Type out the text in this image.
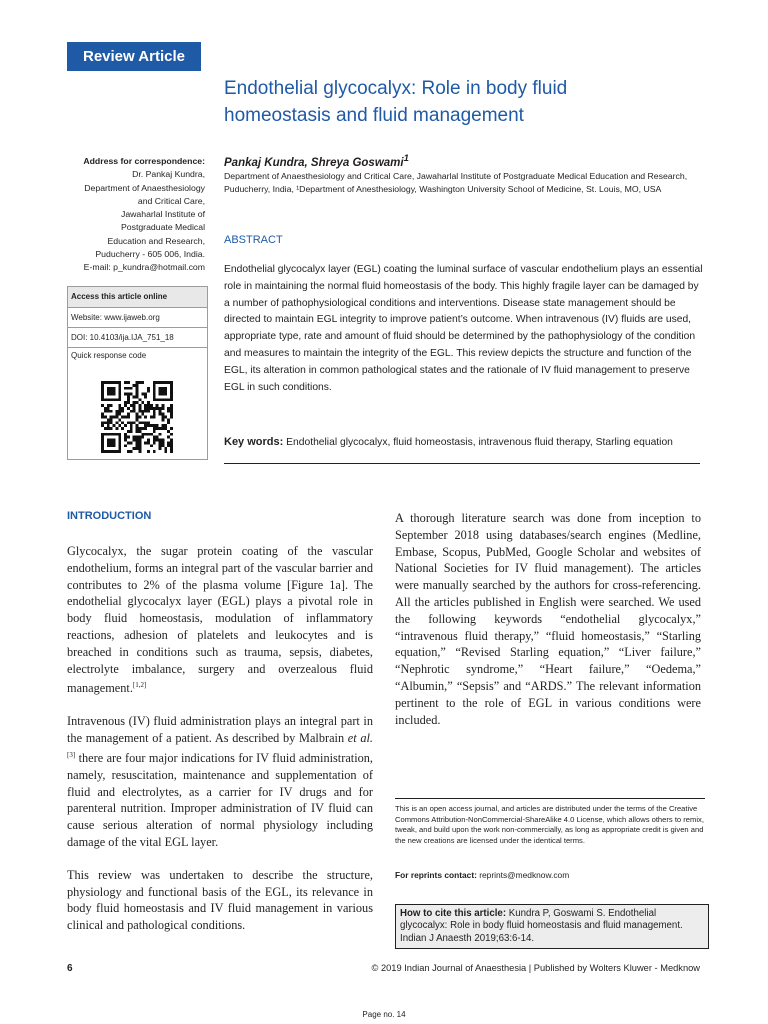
Review Article
Endothelial glycocalyx: Role in body fluid
homeostasis and fluid management
Address for correspondence:
Dr. Pankaj Kundra,
Department of Anaesthesiology
and Critical Care,
Jawaharlal Institute of
Postgraduate Medical
Education and Research,
Puducherry - 605 006, India.
E-mail: p_kundra@hotmail.com
Access this article online
Website: www.ijaweb.org
DOI: 10.4103/ija.IJA_751_18
Quick response code
Pankaj Kundra, Shreya Goswami$^1$
Department of Anaesthesiology and Critical Care, Jawaharlal Institute of Postgraduate Medical Education and Research, Puducherry, India, ¹Department of Anesthesiology, Washington University School of Medicine, St. Louis, MO, USA
ABSTRACT
Endothelial glycocalyx layer (EGL) coating the luminal surface of vascular endothelium plays an essential role in maintaining the normal fluid homeostasis of the body. This highly fragile layer can be damaged by a number of pathophysiological conditions and interventions. Disease state management should be directed to maintain EGL integrity to improve patient’s outcome. When intravenous (IV) fluids are used, appropriate type, rate and amount of fluid should be determined by the pathophysiology of the condition and measures to maintain the integrity of the EGL. This review depicts the structure and function of the EGL, its alteration in common pathological states and the rationale of IV fluid management to preserve EGL in such conditions.
Key words: Endothelial glycocalyx, fluid homeostasis, intravenous fluid therapy, Starling equation
INTRODUCTION

Glycocalyx, the sugar protein coating of the vascular endothelium, forms an integral part of the vascular barrier and contributes to 2% of the plasma volume [Figure 1a]. The endothelial glycocalyx layer (EGL) plays a pivotal role in body fluid homeostasis, modulation of inflammatory reactions, adhesion of platelets and leukocytes and is breached in conditions such as trauma, sepsis, diabetes, electrolyte imbalance, surgery and overzealous fluid management.[1,2]

Intravenous (IV) fluid administration plays an integral part in the management of a patient. As described by Malbrain et al.[3] there are four major indications for IV fluid administration, namely, resuscitation, maintenance and supplementation of fluid and electrolytes, as a carrier for IV drugs and for parenteral nutrition. Improper administration of IV fluid can cause serious alteration of normal physiology including damage of the vital EGL layer.

This review was undertaken to describe the structure, physiology and functional basis of the EGL, its relevance in body fluid homeostasis and IV fluid management in various clinical and pathological conditions.

A thorough literature search was done from inception to September 2018 using databases/search engines (Medline, Embase, Scopus, PubMed, Google Scholar and websites of National Societies for IV fluid management). The articles were manually searched by the authors for cross-referencing. All the articles published in English were searched. We used the following keywords “endothelial glycocalyx,” “intravenous fluid therapy,” “fluid homeostasis,” “Starling equation,” “Revised Starling equation,” “Liver failure,” “Nephrotic syndrome,” “Heart failure,” “Oedema,” “Albumin,” “Sepsis” and “ARDS.” The relevant information pertinent to the role of EGL in various conditions were included.

This is an open access journal, and articles are distributed under the terms of the Creative Commons Attribution-NonCommercial-ShareAlike 4.0 License, which allows others to remix, tweak, and build upon the work non-commercially, as long as appropriate credit is given and the new creations are licensed under the identical terms.
For reprints contact: reprints@medknow.com
How to cite this article: Kundra P, Goswami S. Endothelial glycocalyx: Role in body fluid homeostasis and fluid management. Indian J Anaesth 2019;63:6-14.
6	© 2019 Indian Journal of Anaesthesia | Published by Wolters Kluwer - Medknow
Page no. 14
